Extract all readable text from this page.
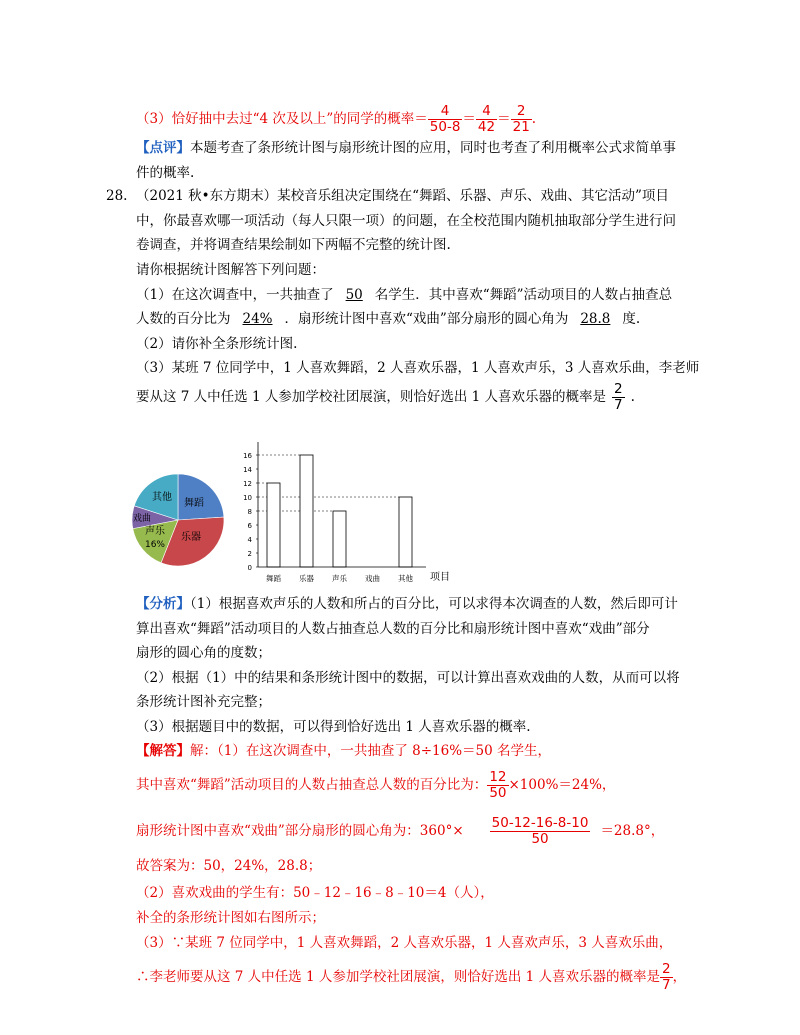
（3）恰好抽中去过“4 次及以上”的同学的概率＝ $\frac{4}{50-8} = \frac{4}{42} = \frac{2}{21}$ .
【点评】本题考查了条形统计图与扇形统计图的应用，同时也考查了利用概率公式求简单事
件的概率.
28. （2021 秋•东方期末）某校音乐组决定围绕在“舞蹈、乐器、声乐、戏曲、其它活动”项目
中，你最喜欢哪一项活动（每人只限一项）的问题，在全校范围内随机抽取部分学生进行问
卷调查，并将调查结果绘制如下两幅不完整的统计图.
请你根据统计图解答下列问题：
（1）在这次调查中，一共抽查了 50 名学生．其中喜欢“舞蹈”活动项目的人数占抽查总
人数的百分比为 24% ．扇形统计图中喜欢“戏曲”部分扇形的圆心角为 28.8 度.
（2）请你补全条形统计图.
（3）某班 7 位同学中，1 人喜欢舞蹈，2 人喜欢乐器，1 人喜欢声乐，3 人喜欢乐曲，李老师
要从这 7 人中任选 1 人参加学校社团展演，则恰好选出 1 人喜欢乐器的概率是 $\frac{2}{7}$ .
其他
舞蹈
戏曲
声乐
16%
乐器
0
2
4
6
8
10
12
14
16
舞蹈 乐器 声乐 戏曲 其他 项目
【分析】（1）根据喜欢声乐的人数和所占的百分比，可以求得本次调查的人数，然后即可计
算出喜欢“舞蹈”活动项目的人数占抽查总人数的百分比和扇形统计图中喜欢“戏曲”部分
扇形的圆心角的度数；
（2）根据（1）中的结果和条形统计图中的数据，可以计算出喜欢戏曲的人数，从而可以将
条形统计图补充完整；
（3）根据题目中的数据，可以得到恰好选出 1 人喜欢乐器的概率.
【解答】解：（1）在这次调查中，一共抽查了 8÷16%＝50 名学生，
其中喜欢“舞蹈”活动项目的人数占抽查总人数的百分比为： $\frac{12}{50} \times 100\%=24\%$，
扇形统计图中喜欢“戏曲”部分扇形的圆心角为：$360^\circ\times \frac{50-12-16-8-10}{50} =28.8^\circ$，
故答案为：50，24%，28.8；
（2）喜欢戏曲的学生有：50﹣12﹣16﹣8﹣10＝4（人），
补全的条形统计图如右图所示；
（3）∵某班 7 位同学中，1 人喜欢舞蹈，2 人喜欢乐器，1 人喜欢声乐，3 人喜欢乐曲，
∴李老师要从这 7 人中任选 1 人参加学校社团展演，则恰好选出 1 人喜欢乐器的概率是 $\frac{2}{7}$ ，
